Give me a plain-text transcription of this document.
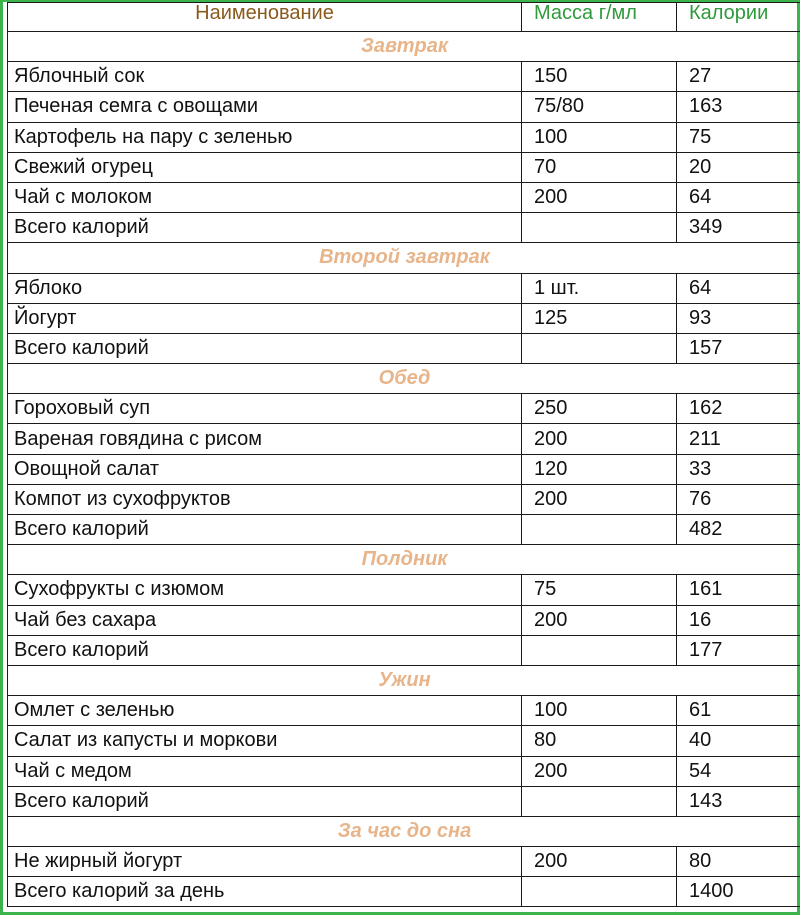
Наименование	Масса г/мл	Калории
Завтрак		
Яблочный сок	150	27
Печеная семга с овощами	75/80	163
Картофель на пару с зеленью	100	75
Свежий огурец	70	20
Чай с молоком	200	64
Всего калорий		349
Второй завтрак		
Яблоко	1 шт.	64
Йогурт	125	93
Всего калорий		157
Обед		
Гороховый суп	250	162
Вареная говядина с рисом	200	211
Овощной салат	120	33
Компот из сухофруктов	200	76
Всего калорий		482
Полдник		
Сухофрукты с изюмом	75	161
Чай без сахара	200	16
Всего калорий		177
Ужин		
Омлет с зеленью	100	61
Салат из капусты и моркови	80	40
Чай с медом	200	54
Всего калорий		143
За час до сна		
Не жирный йогурт	200	80
Всего калорий за день		1400
